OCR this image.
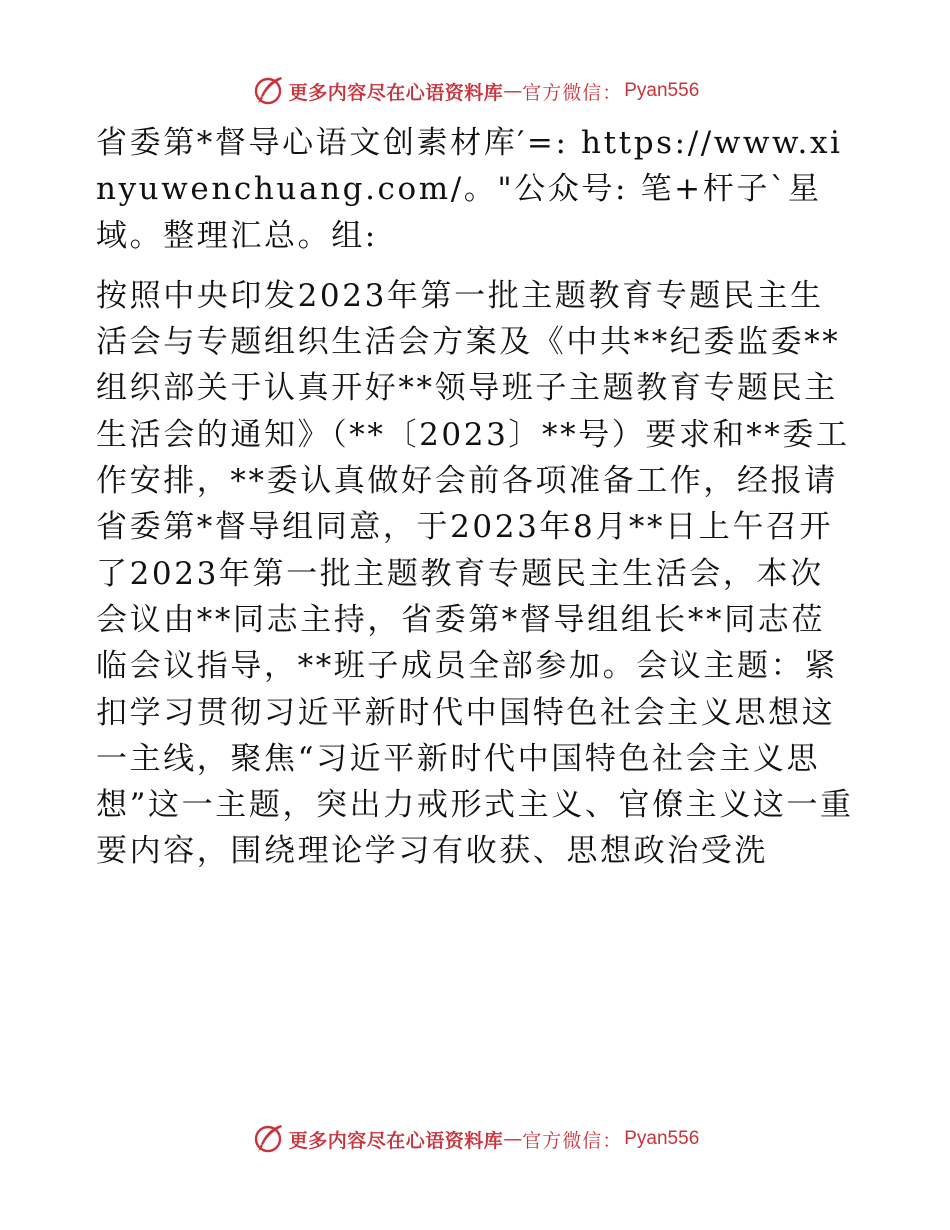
更多内容尽在心语资料库 — 官方微信： Pyan556

省委第*督导心语文创素材库′=: https://www.xinyuwenchuang.com/。"公众号: 笔+杆子`星域。整理汇总。组:

按照中央印发2023年第一批主题教育专题民主生活会与专题组织生活会方案及《中共**纪委监委**组织部关于认真开好**领导班子主题教育专题民主生活会的通知》（**〔2023〕**号）要求和**委工作安排，**委认真做好会前各项准备工作，经报请省委第*督导组同意，于2023年8月**日上午召开了2023年第一批主题教育专题民主生活会，本次会议由**同志主持，省委第*督导组组长**同志莅临会议指导，**班子成员全部参加。会议主题：紧扣学习贯彻习近平新时代中国特色社会主义思想这一主线，聚焦“习近平新时代中国特色社会主义思想”这一主题，突出力戒形式主义、官僚主义这一重要内容，围绕理论学习有收获、思想政治受洗

更多内容尽在心语资料库 — 官方微信： Pyan556
